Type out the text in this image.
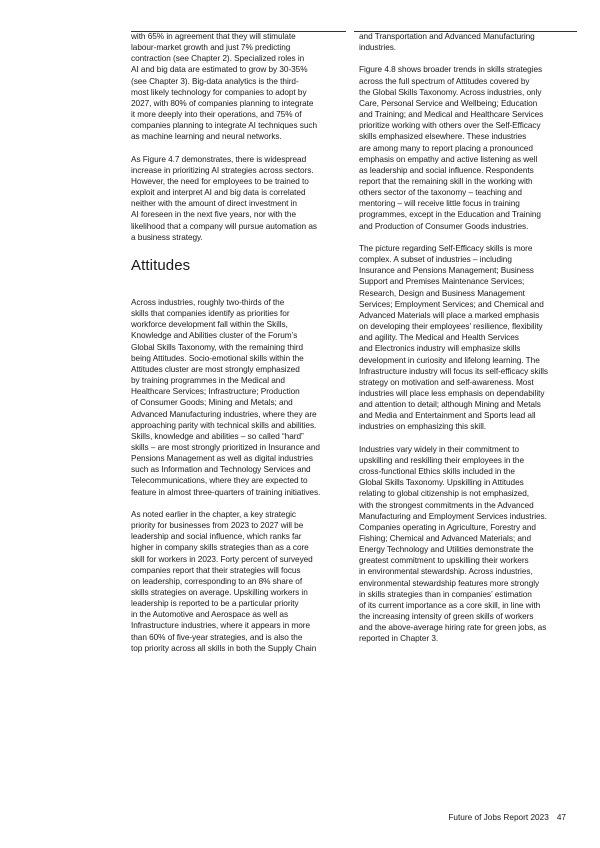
with 65% in agreement that they will stimulate
labour-market growth and just 7% predicting
contraction (see Chapter 2). Specialized roles in
AI and big data are estimated to grow by 30-35%
(see Chapter 3). Big-data analytics is the third-
most likely technology for companies to adopt by
2027, with 80% of companies planning to integrate
it more deeply into their operations, and 75% of
companies planning to integrate AI techniques such
as machine learning and neural networks.

As Figure 4.7 demonstrates, there is widespread
increase in prioritizing AI strategies across sectors.
However, the need for employees to be trained to
exploit and interpret AI and big data is correlated
neither with the amount of direct investment in
AI foreseen in the next five years, nor with the
likelihood that a company will pursue automation as
a business strategy.

Attitudes

Across industries, roughly two-thirds of the
skills that companies identify as priorities for
workforce development fall within the Skills,
Knowledge and Abilities cluster of the Forum’s
Global Skills Taxonomy, with the remaining third
being Attitudes. Socio-emotional skills within the
Attitudes cluster are most strongly emphasized
by training programmes in the Medical and
Healthcare Services; Infrastructure; Production
of Consumer Goods; Mining and Metals; and
Advanced Manufacturing industries, where they are
approaching parity with technical skills and abilities.
Skills, knowledge and abilities – so called “hard”
skills – are most strongly prioritized in Insurance and
Pensions Management as well as digital industries
such as Information and Technology Services and
Telecommunications, where they are expected to
feature in almost three-quarters of training initiatives.

As noted earlier in the chapter, a key strategic
priority for businesses from 2023 to 2027 will be
leadership and social influence, which ranks far
higher in company skills strategies than as a core
skill for workers in 2023. Forty percent of surveyed
companies report that their strategies will focus
on leadership, corresponding to an 8% share of
skills strategies on average. Upskilling workers in
leadership is reported to be a particular priority
in the Automotive and Aerospace as well as
Infrastructure industries, where it appears in more
than 60% of five-year strategies, and is also the
top priority across all skills in both the Supply Chain

and Transportation and Advanced Manufacturing
industries.

Figure 4.8 shows broader trends in skills strategies
across the full spectrum of Attitudes covered by
the Global Skills Taxonomy. Across industries, only
Care, Personal Service and Wellbeing; Education
and Training; and Medical and Healthcare Services
prioritize working with others over the Self-Efficacy
skills emphasized elsewhere. These industries
are among many to report placing a pronounced
emphasis on empathy and active listening as well
as leadership and social influence. Respondents
report that the remaining skill in the working with
others sector of the taxonomy – teaching and
mentoring – will receive little focus in training
programmes, except in the Education and Training
and Production of Consumer Goods industries.

The picture regarding Self-Efficacy skills is more
complex. A subset of industries – including
Insurance and Pensions Management; Business
Support and Premises Maintenance Services;
Research, Design and Business Management
Services; Employment Services; and Chemical and
Advanced Materials will place a marked emphasis
on developing their employees’ resilience, flexibility
and agility. The Medical and Health Services
and Electronics industry will emphasize skills
development in curiosity and lifelong learning. The
Infrastructure industry will focus its self-efficacy skills
strategy on motivation and self-awareness. Most
industries will place less emphasis on dependability
and attention to detail; although Mining and Metals
and Media and Entertainment and Sports lead all
industries on emphasizing this skill.

Industries vary widely in their commitment to
upskilling and reskilling their employees in the
cross-functional Ethics skills included in the
Global Skills Taxonomy. Upskilling in Attitudes
relating to global citizenship is not emphasized,
with the strongest commitments in the Advanced
Manufacturing and Employment Services industries.
Companies operating in Agriculture, Forestry and
Fishing; Chemical and Advanced Materials; and
Energy Technology and Utilities demonstrate the
greatest commitment to upskilling their workers
in environmental stewardship. Across industries,
environmental stewardship features more strongly
in skills strategies than in companies’ estimation
of its current importance as a core skill, in line with
the increasing intensity of green skills of workers
and the above-average hiring rate for green jobs, as
reported in Chapter 3.

Future of Jobs Report 2023 47
